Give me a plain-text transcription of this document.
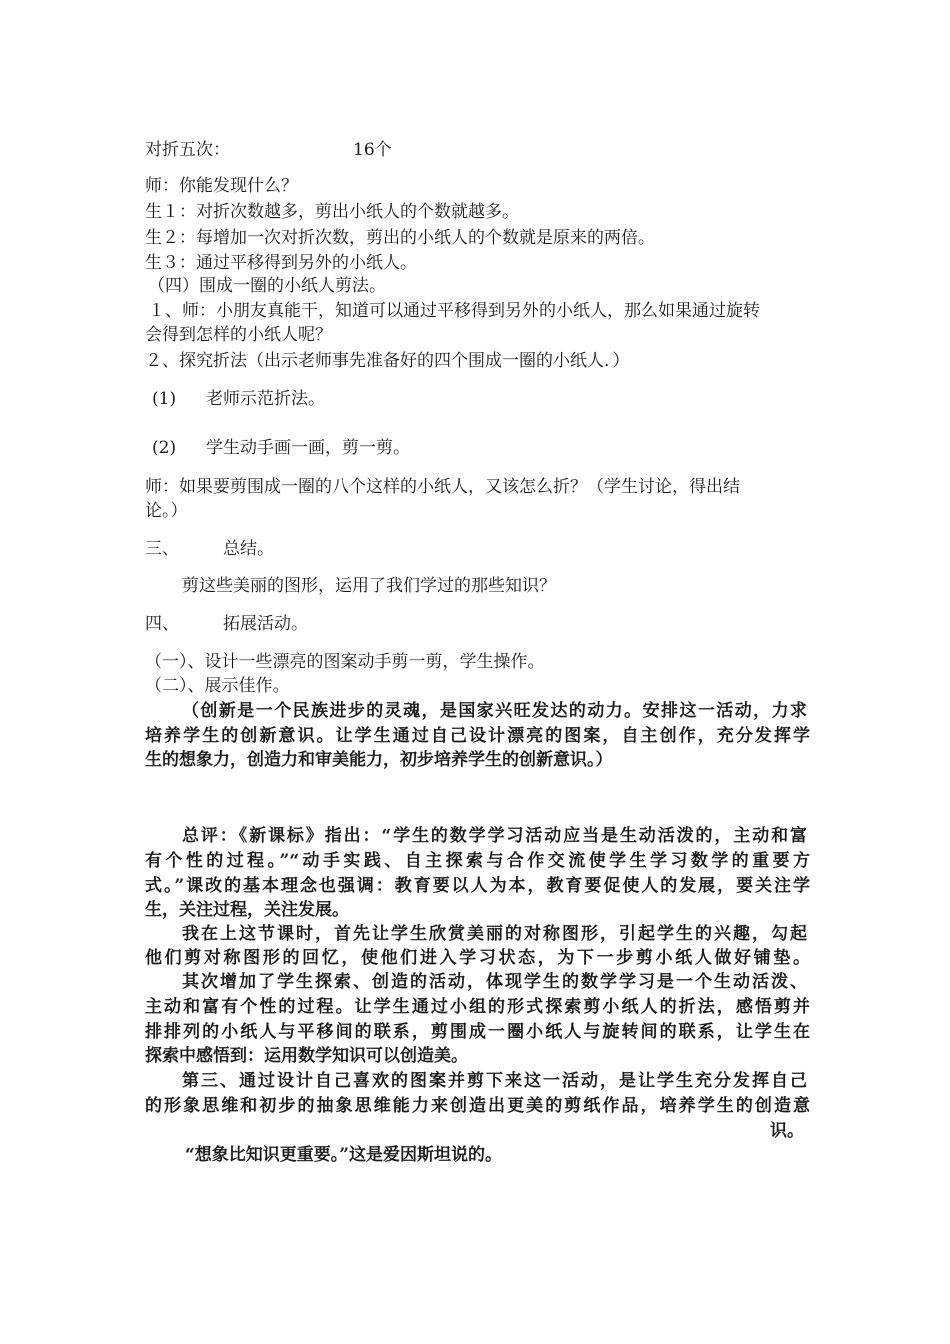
对折五次：	16个
师：你能发现什么？
生１：对折次数越多，剪出小纸人的个数就越多。
生２：每增加一次对折次数，剪出的小纸人的个数就是原来的两倍。
生３：通过平移得到另外的小纸人。
（四）围成一圈的小纸人剪法。
１、师：小朋友真能干，知道可以通过平移得到另外的小纸人，那么如果通过旋转
会得到怎样的小纸人呢？
２、探究折法（出示老师事先准备好的四个围成一圈的小纸人．）
(1) 老师示范折法。
(2) 学生动手画一画，剪一剪。
师：如果要剪围成一圈的八个这样的小纸人，又该怎么折？（学生讨论，得出结
论。）
三、	总结。
剪这些美丽的图形，运用了我们学过的那些知识？
四、	拓展活动。
（一）、设计一些漂亮的图案动手剪一剪，学生操作。
（二）、展示佳作。
（创新是一个民族进步的灵魂，是国家兴旺发达的动力。安排这一活动，力求
培养学生的创新意识。让学生通过自己设计漂亮的图案，自主创作，充分发挥学
生的想象力，创造力和审美能力，初步培养学生的创新意识。）
总评：《新课标》指出：“学生的数学学习活动应当是生动活泼的，主动和富
有个性的过程。”“动手实践、自主探索与合作交流使学生学习数学的重要方
式。”课改的基本理念也强调：教育要以人为本，教育要促使人的发展，要关注学
生，关注过程，关注发展。
我在上这节课时，首先让学生欣赏美丽的对称图形，引起学生的兴趣，勾起
他们剪对称图形的回忆，使他们进入学习状态，为下一步剪小纸人做好铺垫。
其次增加了学生探索、创造的活动，体现学生的数学学习是一个生动活泼、
主动和富有个性的过程。让学生通过小组的形式探索剪小纸人的折法，感悟剪并
排排列的小纸人与平移间的联系，剪围成一圈小纸人与旋转间的联系，让学生在
探索中感悟到：运用数学知识可以创造美。
第三、通过设计自己喜欢的图案并剪下来这一活动，是让学生充分发挥自己
的形象思维和初步的抽象思维能力来创造出更美的剪纸作品，培养学生的创造意
识。
“想象比知识更重要。”这是爱因斯坦说的。
